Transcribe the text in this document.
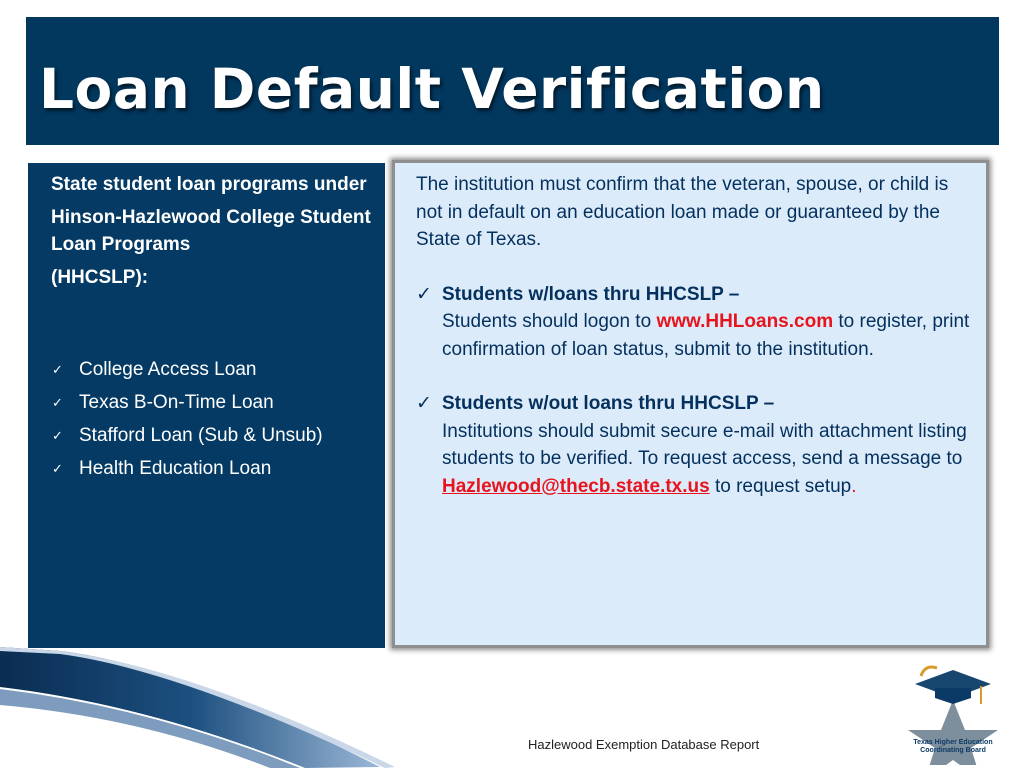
Loan Default Verification

State student loan programs under

Hinson-Hazlewood College Student Loan Programs

(HHCSLP):

✓ College Access Loan
✓ Texas B-On-Time Loan
✓ Stafford Loan (Sub & Unsub)
✓ Health Education Loan

The institution must confirm that the veteran, spouse, or child is not in default on an education loan made or guaranteed by the State of Texas.

✓ Students w/loans thru HHCSLP –
Students should logon to www.HHLoans.com to register, print confirmation of loan status, submit to the institution.
✓ Students w/out loans thru HHCSLP –
Institutions should submit secure e-mail with attachment listing students to be verified. To request access, send a message to Hazlewood@thecb.state.tx.us to request setup.
Texas Higher Education
Coordinating Board
Hazlewood Exemption Database Report
